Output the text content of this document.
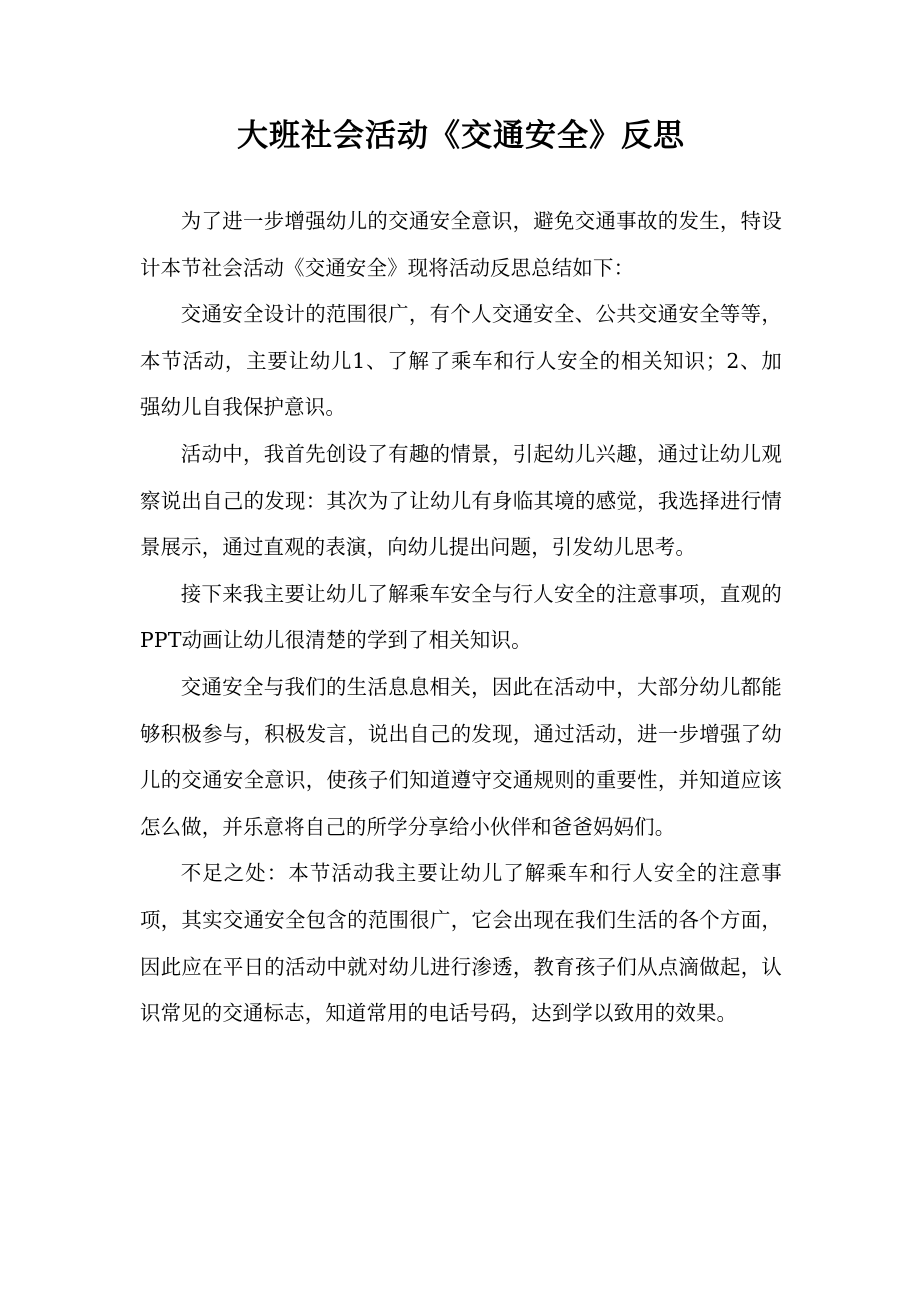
大班社会活动《交通安全》反思

为了进一步增强幼儿的交通安全意识，避免交通事故的发生，特设计本节社会活动《交通安全》现将活动反思总结如下：

交通安全设计的范围很广，有个人交通安全、公共交通安全等等，本节活动，主要让幼儿1、了解了乘车和行人安全的相关知识；2、加强幼儿自我保护意识。

活动中，我首先创设了有趣的情景，引起幼儿兴趣，通过让幼儿观察说出自己的发现：其次为了让幼儿有身临其境的感觉，我选择进行情景展示，通过直观的表演，向幼儿提出问题，引发幼儿思考。

接下来我主要让幼儿了解乘车安全与行人安全的注意事项，直观的PPT动画让幼儿很清楚的学到了相关知识。

交通安全与我们的生活息息相关，因此在活动中，大部分幼儿都能够积极参与，积极发言，说出自己的发现，通过活动，进一步增强了幼儿的交通安全意识，使孩子们知道遵守交通规则的重要性，并知道应该怎么做，并乐意将自己的所学分享给小伙伴和爸爸妈妈们。

不足之处：本节活动我主要让幼儿了解乘车和行人安全的注意事项，其实交通安全包含的范围很广，它会出现在我们生活的各个方面，因此应在平日的活动中就对幼儿进行渗透，教育孩子们从点滴做起，认识常见的交通标志，知道常用的电话号码，达到学以致用的效果。
